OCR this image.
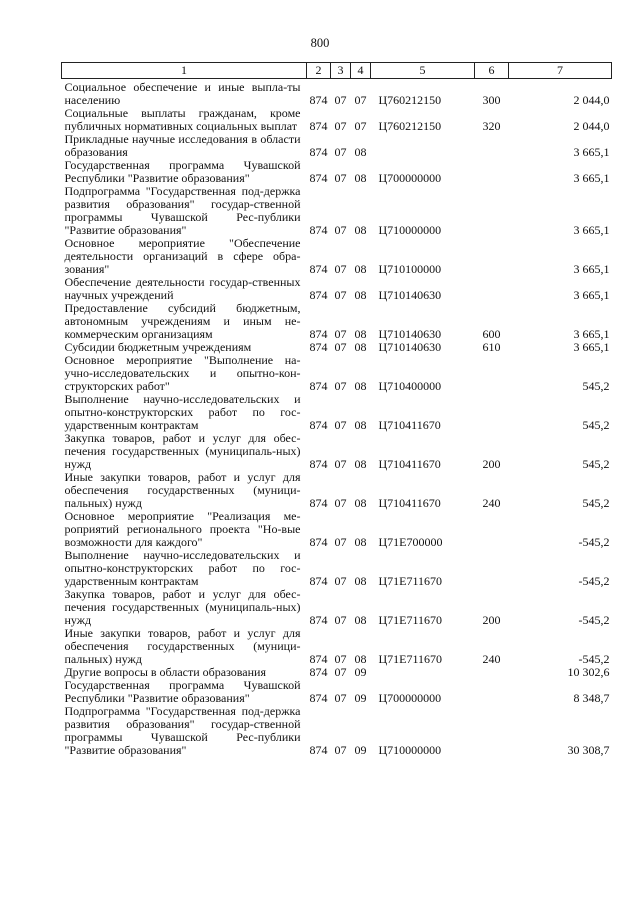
800
1	2	3	4	5	6	7
Социальное обеспечение и иные выпла-ты населению	874	07	07	Ц760212150	300	2 044,0
Социальные выплаты гражданам, кроме публичных нормативных социальных выплат	874	07	07	Ц760212150	320	2 044,0
Прикладные научные исследования в области образования	874	07	08			3 665,1
Государственная программа Чувашской Республики "Развитие образования"	874	07	08	Ц700000000		3 665,1
Подпрограмма "Государственная под-держка развития образования" государ-ственной программы Чувашской Рес-публики "Развитие образования"	874	07	08	Ц710000000		3 665,1
Основное мероприятие "Обеспечение деятельности организаций в сфере обра-зования"	874	07	08	Ц710100000		3 665,1
Обеспечение деятельности государ-ственных научных учреждений	874	07	08	Ц710140630		3 665,1
Предоставление субсидий бюджетным, автономным учреждениям и иным не-коммерческим организациям	874	07	08	Ц710140630	600	3 665,1
Субсидии бюджетным учреждениям	874	07	08	Ц710140630	610	3 665,1
Основное мероприятие "Выполнение на-учно-исследовательских и опытно-кон-структорских работ"	874	07	08	Ц710400000		545,2
Выполнение научно-исследовательских и опытно-конструкторских работ по гос-ударственным контрактам	874	07	08	Ц710411670		545,2
Закупка товаров, работ и услуг для обес-печения государственных (муниципаль-ных) нужд	874	07	08	Ц710411670	200	545,2
Иные закупки товаров, работ и услуг для обеспечения государственных (муници-пальных) нужд	874	07	08	Ц710411670	240	545,2
Основное мероприятие "Реализация ме-роприятий регионального проекта "Но-вые возможности для каждого"	874	07	08	Ц71Е700000		-545,2
Выполнение научно-исследовательских и опытно-конструкторских работ по гос-ударственным контрактам	874	07	08	Ц71Е711670		-545,2
Закупка товаров, работ и услуг для обес-печения государственных (муниципаль-ных) нужд	874	07	08	Ц71Е711670	200	-545,2
Иные закупки товаров, работ и услуг для обеспечения государственных (муници-пальных) нужд	874	07	08	Ц71Е711670	240	-545,2
Другие вопросы в области образования	874	07	09			10 302,6
Государственная программа Чувашской Республики "Развитие образования"	874	07	09	Ц700000000		8 348,7
Подпрограмма "Государственная под-держка развития образования" государ-ственной программы Чувашской Рес-публики "Развитие образования"	874	07	09	Ц710000000		30 308,7
